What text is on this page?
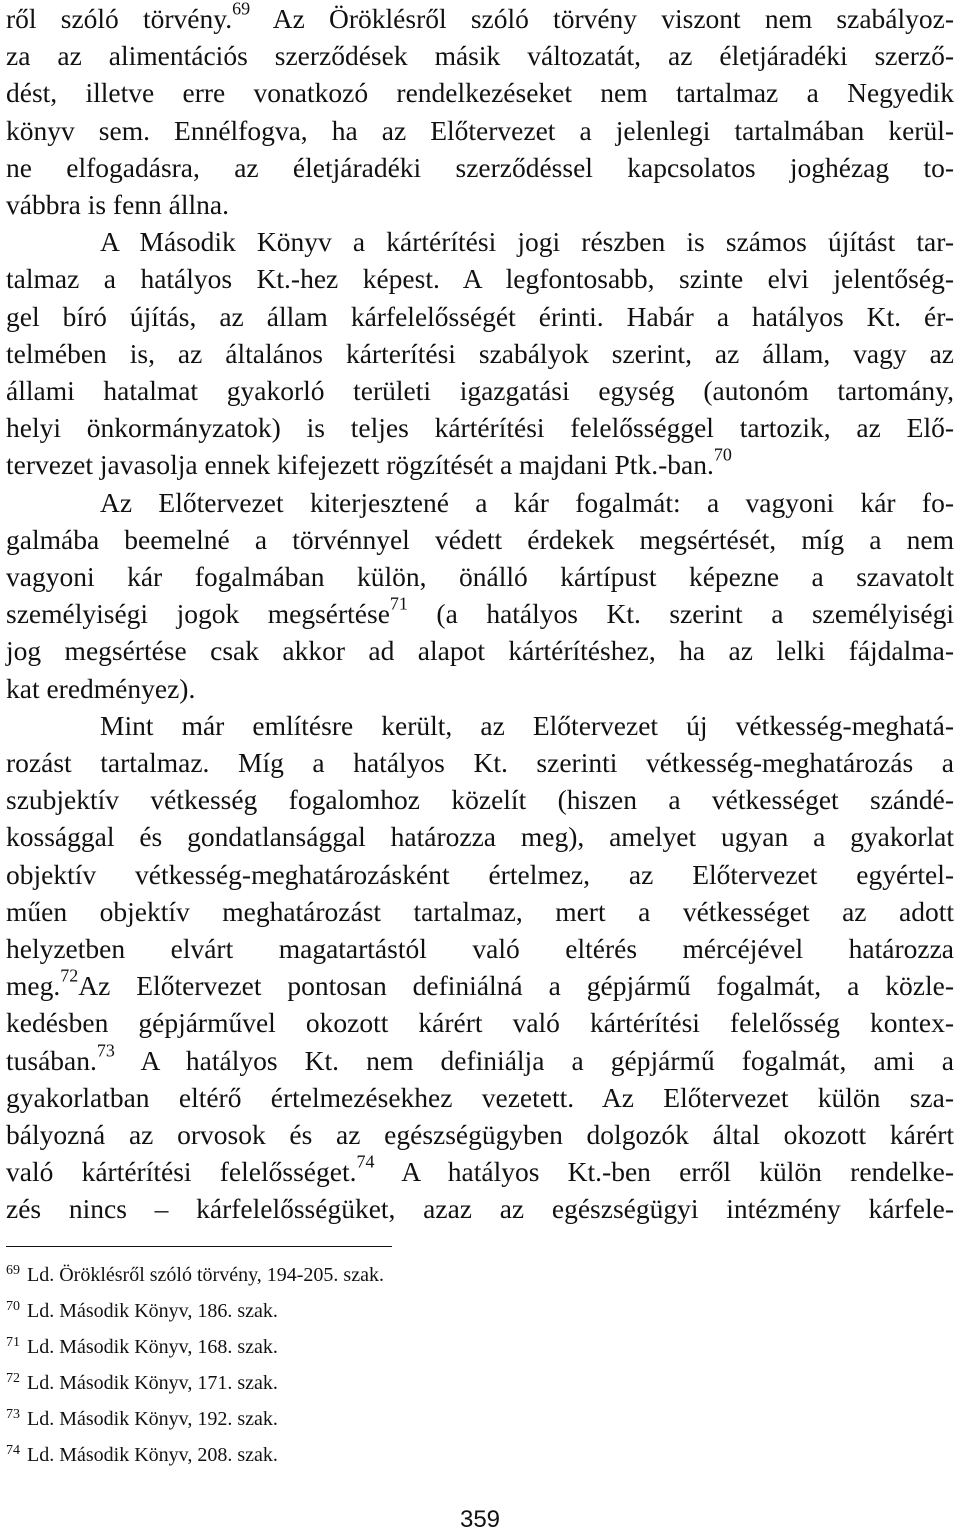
ről szóló törvény.$^{69}$ Az Öröklésről szóló törvény viszont nem szabályoz-
za az alimentációs szerződések másik változatát, az életjáradéki szerző-
dést, illetve erre vonatkozó rendelkezéseket nem tartalmaz a Negyedik
könyv sem. Ennélfogva, ha az Előtervezet a jelenlegi tartalmában kerül-
ne elfogadásra, az életjáradéki szerződéssel kapcsolatos joghézag to-
vábbra is fenn állna.
A Második Könyv a kártérítési jogi részben is számos újítást tar-
talmaz a hatályos Kt.-hez képest. A legfontosabb, szinte elvi jelentőség-
gel bíró újítás, az állam kárfelelősségét érinti. Habár a hatályos Kt. ér-
telmében is, az általános kárterítési szabályok szerint, az állam, vagy az
állami hatalmat gyakorló területi igazgatási egység (autonóm tartomány,
helyi önkormányzatok) is teljes kártérítési felelősséggel tartozik, az Elő-
tervezet javasolja ennek kifejezett rögzítését a majdani Ptk.-ban.$^{70}$
Az Előtervezet kiterjesztené a kár fogalmát: a vagyoni kár fo-
galmába beemelné a törvénnyel védett érdekek megsértését, míg a nem
vagyoni kár fogalmában külön, önálló kártípust képezne a szavatolt
személyiségi jogok megsértése$^{71}$ (a hatályos Kt. szerint a személyiségi
jog megsértése csak akkor ad alapot kártérítéshez, ha az lelki fájdalma-
kat eredményez).
Mint már említésre került, az Előtervezet új vétkesség-meghatá-
rozást tartalmaz. Míg a hatályos Kt. szerinti vétkesség-meghatározás a
szubjektív vétkesség fogalomhoz közelít (hiszen a vétkességet szándé-
kossággal és gondatlansággal határozza meg), amelyet ugyan a gyakorlat
objektív vétkesség-meghatározásként értelmez, az Előtervezet egyértel-
műen objektív meghatározást tartalmaz, mert a vétkességet az adott
helyzetben elvárt magatartástól való eltérés mércéjével határozza
meg.$^{72}$Az Előtervezet pontosan definiálná a gépjármű fogalmát, a közle-
kedésben gépjárművel okozott kárért való kártérítési felelősség kontex-
tusában.$^{73}$ A hatályos Kt. nem definiálja a gépjármű fogalmát, ami a
gyakorlatban eltérő értelmezésekhez vezetett. Az Előtervezet külön sza-
bályozná az orvosok és az egészségügyben dolgozók által okozott kárért
való kártérítési felelősséget.$^{74}$ A hatályos Kt.-ben erről külön rendelke-
zés nincs – kárfelelősségüket, azaz az egészségügyi intézmény kárfele-
$^{69}$ Ld. Öröklésről szóló törvény, 194-205. szak.
$^{70}$ Ld. Második Könyv, 186. szak.
$^{71}$ Ld. Második Könyv, 168. szak.
$^{72}$ Ld. Második Könyv, 171. szak.
$^{73}$ Ld. Második Könyv, 192. szak.
$^{74}$ Ld. Második Könyv, 208. szak.
359
